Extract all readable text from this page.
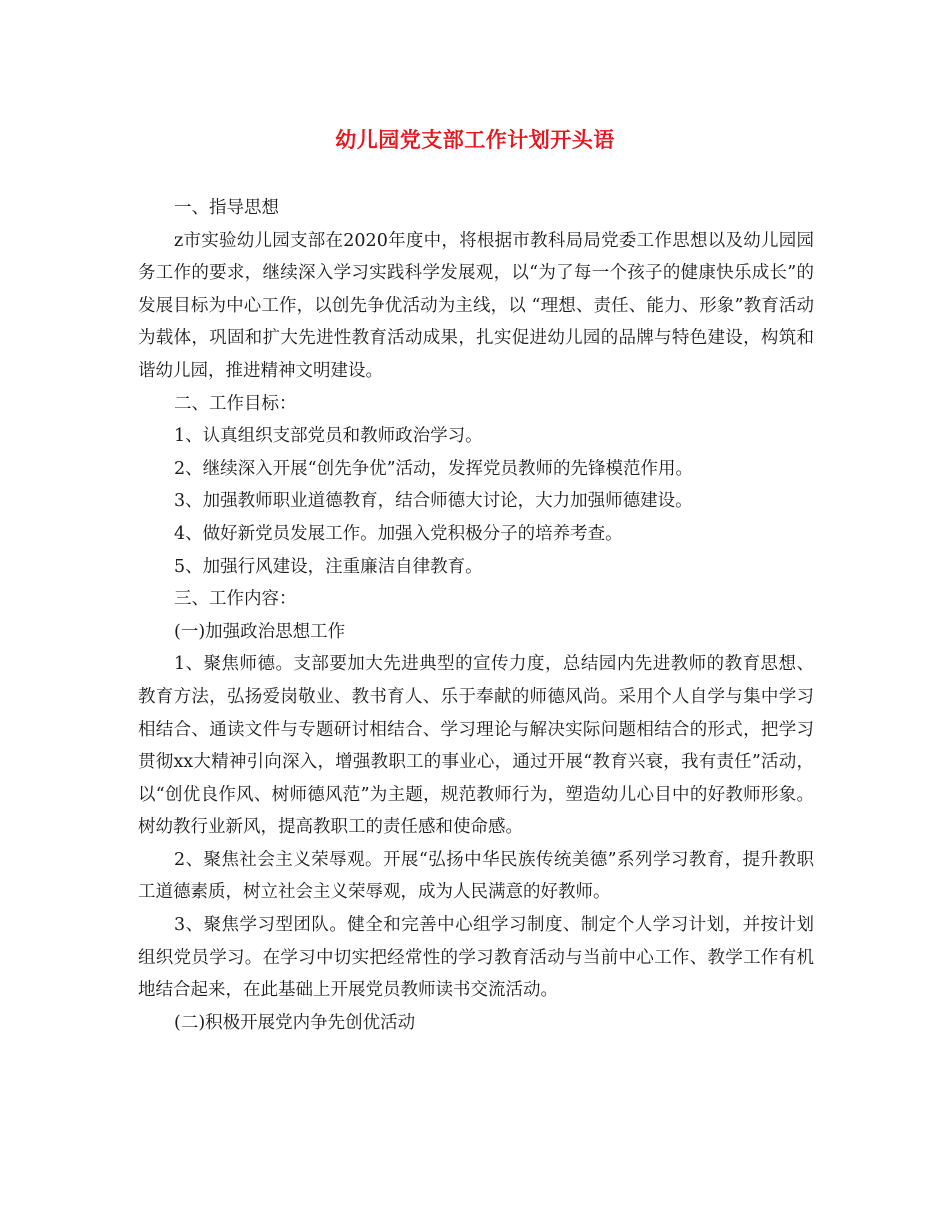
幼儿园党支部工作计划开头语

一、指导思想

z市实验幼儿园支部在2020年度中，将根据市教科局局党委工作思想以及幼儿园园务工作的要求，继续深入学习实践科学发展观，以“为了每一个孩子的健康快乐成长”的发展目标为中心工作，以创先争优活动为主线，以 “理想、责任、能力、形象”教育活动为载体，巩固和扩大先进性教育活动成果，扎实促进幼儿园的品牌与特色建设，构筑和谐幼儿园，推进精神文明建设。

二、工作目标：

1、认真组织支部党员和教师政治学习。

2、继续深入开展“创先争优”活动，发挥党员教师的先锋模范作用。

3、加强教师职业道德教育，结合师德大讨论，大力加强师德建设。

4、做好新党员发展工作。加强入党积极分子的培养考查。

5、加强行风建设，注重廉洁自律教育。

三、工作内容：

(一)加强政治思想工作

1、聚焦师德。支部要加大先进典型的宣传力度，总结园内先进教师的教育思想、教育方法，弘扬爱岗敬业、教书育人、乐于奉献的师德风尚。采用个人自学与集中学习相结合、通读文件与专题研讨相结合、学习理论与解决实际问题相结合的形式，把学习贯彻xx大精神引向深入，增强教职工的事业心，通过开展“教育兴衰，我有责任”活动，以“创优良作风、树师德风范”为主题，规范教师行为，塑造幼儿心目中的好教师形象。树幼教行业新风，提高教职工的责任感和使命感。

2、聚焦社会主义荣辱观。开展“弘扬中华民族传统美德”系列学习教育，提升教职工道德素质，树立社会主义荣辱观，成为人民满意的好教师。

3、聚焦学习型团队。健全和完善中心组学习制度、制定个人学习计划，并按计划组织党员学习。在学习中切实把经常性的学习教育活动与当前中心工作、教学工作有机地结合起来，在此基础上开展党员教师读书交流活动。

(二)积极开展党内争先创优活动
